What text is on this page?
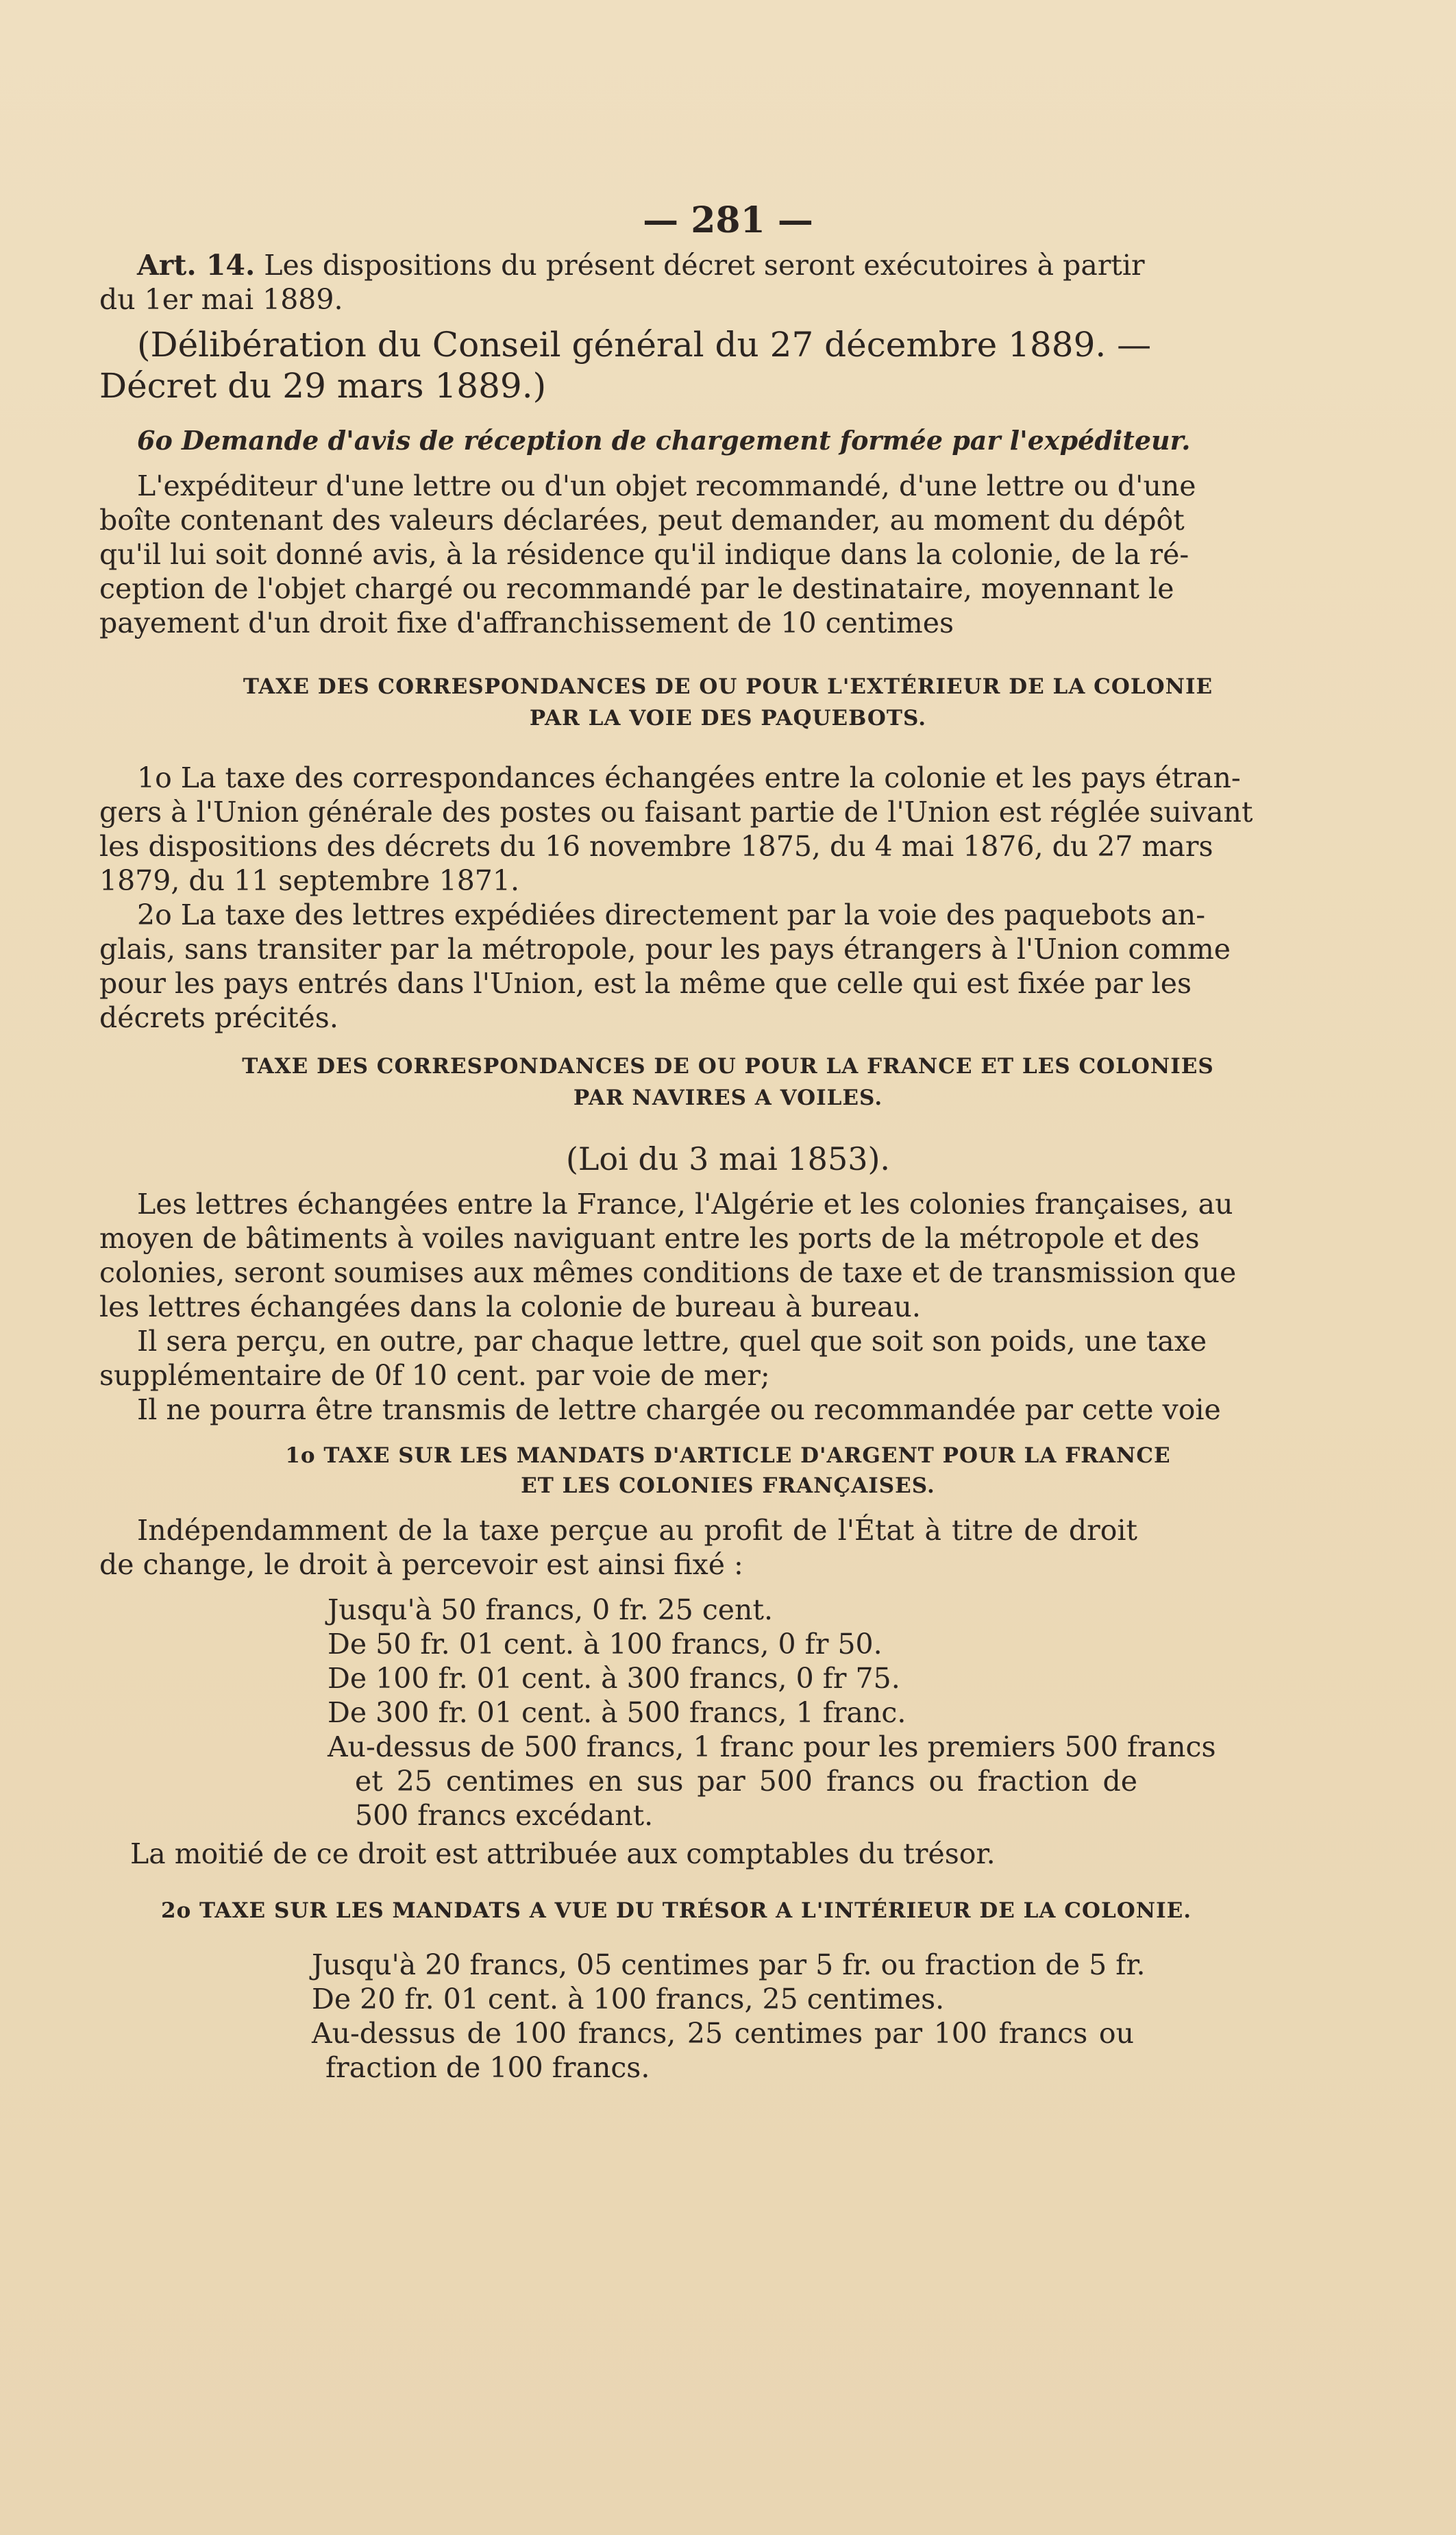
— 281 —

Art. 14. Les dispositions du présent décret seront exécutoires à partir

du 1er mai 1889.

(Délibération du Conseil général du 27 décembre 1889. —

Décret du 29 mars 1889.)

6o Demande d'avis de réception de chargement formée par l'expéditeur.

L'expéditeur d'une lettre ou d'un objet recommandé, d'une lettre ou d'une

boîte contenant des valeurs déclarées, peut demander, au moment du dépôt

qu'il lui soit donné avis, à la résidence qu'il indique dans la colonie, de la ré-

ception de l'objet chargé ou recommandé par le destinataire, moyennant le

payement d'un droit fixe d'affranchissement de 10 centimes

TAXE DES CORRESPONDANCES DE OU POUR L'EXTÉRIEUR DE LA COLONIE

PAR LA VOIE DES PAQUEBOTS.

1o La taxe des correspondances échangées entre la colonie et les pays étran-

gers à l'Union générale des postes ou faisant partie de l'Union est réglée suivant

les dispositions des décrets du 16 novembre 1875, du 4 mai 1876, du 27 mars

1879, du 11 septembre 1871.

2o La taxe des lettres expédiées directement par la voie des paquebots an-

glais, sans transiter par la métropole, pour les pays étrangers à l'Union comme

pour les pays entrés dans l'Union, est la même que celle qui est fixée par les

décrets précités.

TAXE DES CORRESPONDANCES DE OU POUR LA FRANCE ET LES COLONIES

PAR NAVIRES A VOILES.

(Loi du 3 mai 1853).

Les lettres échangées entre la France, l'Algérie et les colonies françaises, au

moyen de bâtiments à voiles naviguant entre les ports de la métropole et des

colonies, seront soumises aux mêmes conditions de taxe et de transmission que

les lettres échangées dans la colonie de bureau à bureau.

Il sera perçu, en outre, par chaque lettre, quel que soit son poids, une taxe

supplémentaire de 0f 10 cent. par voie de mer;

Il ne pourra être transmis de lettre chargée ou recommandée par cette voie

1o TAXE SUR LES MANDATS D'ARTICLE D'ARGENT POUR LA FRANCE

ET LES COLONIES FRANÇAISES.

Indépendamment de la taxe perçue au profit de l'État à titre de droit

de change, le droit à percevoir est ainsi fixé :

Jusqu'à 50 francs, 0 fr. 25 cent.

De 50 fr. 01 cent. à 100 francs, 0 fr 50.

De 100 fr. 01 cent. à 300 francs, 0 fr 75.

De 300 fr. 01 cent. à 500 francs, 1 franc.

Au-dessus de 500 francs, 1 franc pour les premiers 500 francs

et 25 centimes en sus par 500 francs ou fraction de

500 francs excédant.

La moitié de ce droit est attribuée aux comptables du trésor.

2o TAXE SUR LES MANDATS A VUE DU TRÉSOR A L'INTÉRIEUR DE LA COLONIE.

Jusqu'à 20 francs, 05 centimes par 5 fr. ou fraction de 5 fr.

De 20 fr. 01 cent. à 100 francs, 25 centimes.

Au-dessus de 100 francs, 25 centimes par 100 francs ou

fraction de 100 francs.
